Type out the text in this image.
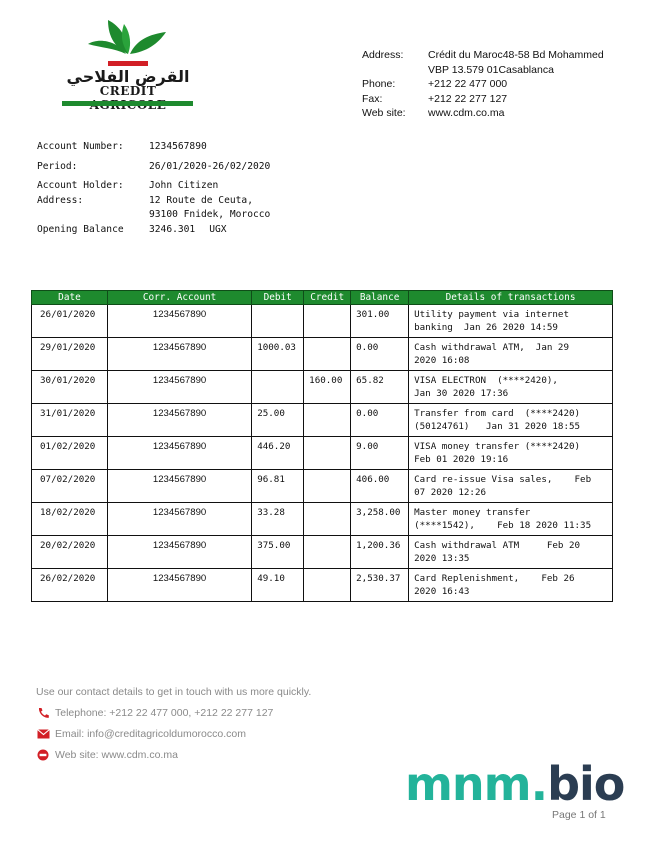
القرض الفلاحي
CREDIT
Address:	Crédit du Maroc48-58 Bd Mohammed
VBP 13.579 01Casablanca
Phone:	+212 22 477 000
Fax:	+212 22 277 127
Web site:	www.cdm.co.ma
Account Number:	1234567890
Period:	26/01/2020-26/02/2020
Account Holder:	John Citizen
Address:	12 Route de Ceuta,
93100 Fnidek, Morocco
Opening Balance	3246.301 UGX
Date	Corr. Account	Debit	Credit	Balance	Details of transactions
26/01/2020	1234567890			301.00	Utility payment via internet
banking  Jan 26 2020 14:59

29/01/2020	1234567890	1000.03		0.00	Cash withdrawal ATM,  Jan 29
2020 16:08

30/01/2020	1234567890		160.00	65.82	VISA ELECTRON  (****2420),
Jan 30 2020 17:36

31/01/2020	1234567890	25.00		0.00	Transfer from card  (****2420)
(50124761)   Jan 31 2020 18:55

01/02/2020	1234567890	446.20		9.00	VISA money transfer (****2420)
Feb 01 2020 19:16

07/02/2020	1234567890	96.81		406.00	Card re-issue Visa sales,    Feb
07 2020 12:26

18/02/2020	1234567890	33.28		3,258.00	Master money transfer
(****1542),    Feb 18 2020 11:35

20/02/2020	1234567890	375.00		1,200.36	Cash withdrawal ATM     Feb 20
2020 13:35

26/02/2020	1234567890	49.10		2,530.37	Card Replenishment,    Feb 26
2020 16:43
Use our contact details to get in touch with us more quickly.
Telephone: +212 22 477 000, +212 22 277 127
Email: info@creditagricoldumorocco.com
Web site: www.cdm.co.ma
mnm.bio
Page 1 of 1
